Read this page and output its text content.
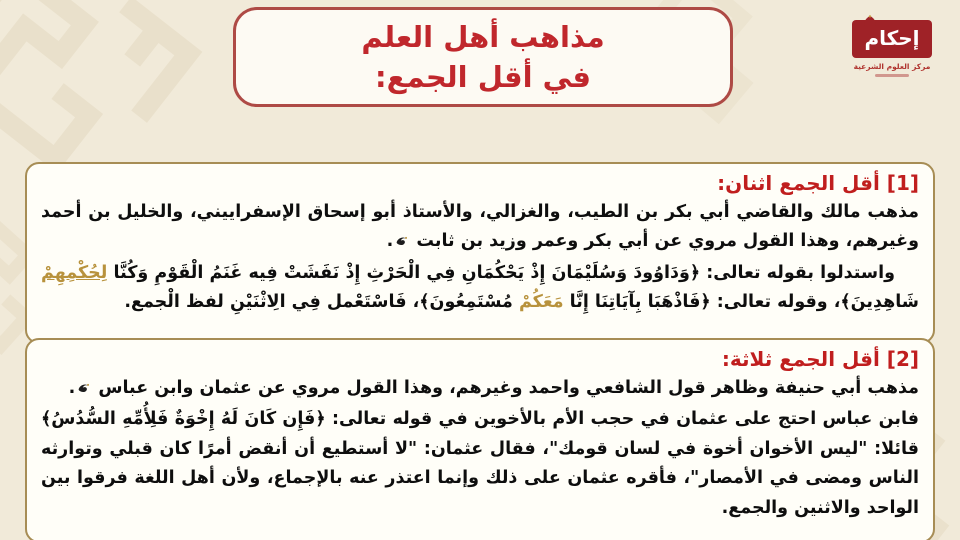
مذاهب أهل العلم
في أقل الجمع:
إحكام
مركز العلوم الشرعية
[1] أقل الجمع اثنان:

مذهب مالك والقاضي أبي بكر بن الطيب، والغزالي، والأستاذ أبو إسحاق الإسفراييني، والخليل بن أحمد وغيرهم، وهذا القول مروي عن أبي بكر وعمر وزيد بن ثابت .

واستدلوا بقوله تعالى: ﴿وَدَاوُودَ وَسُلَيْمَانَ إِذْ يَحْكُمَانِ فِي الْحَرْثِ إِذْ نَفَشَتْ فِيه غَنَمُ الْقَوْمِ وَكُنَّا لِحُكْمِهِمْ شَاهِدِينَ﴾، وقوله تعالى: ﴿فَاذْهَبَا بِآيَاتِنَا إِنَّا مَعَكُمْ مُسْتَمِعُونَ﴾، فَاسْتَعْمل فِي الِاثْنَيْنِ لفظ الْجمع.

[2] أقل الجمع ثلاثة:

مذهب أبي حنيفة وظاهر قول الشافعي واحمد وغيرهم، وهذا القول مروي عن عثمان وابن عباس .

فابن عباس احتج على عثمان في حجب الأم بالأخوين في قوله تعالى: ﴿فَإِن كَانَ لَهُ إِخْوَةٌ فَلِأُمِّهِ السُّدُسُ﴾ قائلا: "ليس الأخوان أخوة في لسان قومك"، فقال عثمان: "لا أستطيع أن أنقض أمرًا كان قبلي وتوارثه الناس ومضى في الأمصار"، فأقره عثمان على ذلك وإنما اعتذر عنه بالإجماع، ولأن أهل اللغة فرقوا بين الواحد والاثنين والجمع.
